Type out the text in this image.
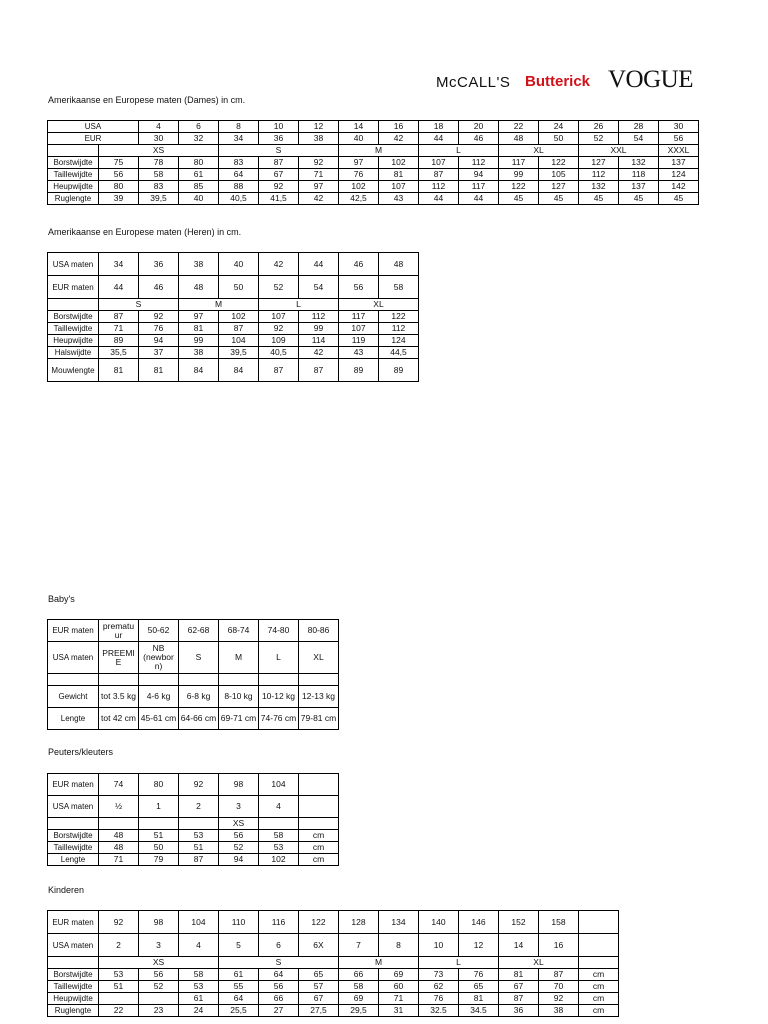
McCALL'S Butterick VOGUE
Amerikaanse en Europese maten (Dames) in cm.
USA		4	6	8	10	12	14	16	18	20	22	24	26	28	30	
EUR		30	32	34	36	38	40	42	44	46	48	50	52	54	56	
	XS			S			M		L		XL		XXL		XXXL	
Borstwijdte	75	78	80	83	87	92	97	102	107	112	117	122	127	132	137	
Taillewijdte	56	58	61	64	67	71	76	81	87	94	99	105	112	118	124	
Heupwijdte	80	83	85	88	92	97	102	107	112	117	122	127	132	137	142	
Ruglengte	39	39,5	40	40,5	41,5	42	42,5	43	44	44	45	45	45	45	45	
Amerikaanse en Europese maten (Heren) in cm.
USA maten	34	36	38	40	42	44	46	48
EUR maten	44	46	48	50	52	54	56	58
	S		M		L		XL	
Borstwijdte	87	92	97	102	107	112	117	122
Taillewijdte	71	76	81	87	92	99	107	112
Heupwijdte	89	94	99	104	109	114	119	124
Halswijdte	35,5	37	38	39,5	40,5	42	43	44,5
Mouwlengte	81	81	84	84	87	87	89	89
Baby's
EUR maten	prematu ur	50-62	62-68	68-74	74-80	80-86
USA maten	PREEMI E	NB (newbor n)	S	M	L	XL

Gewicht	tot 3.5 kg	4-6 kg	6-8 kg	8-10 kg	10-12 kg	12-13 kg
Lengte	tot 42 cm	45-61 cm	64-66 cm	69-71 cm	74-76 cm	79-81 cm
Peuters/kleuters
EUR maten	74	80	92	98	104	
USA maten	½	1	2	3	4	
				XS		
Borstwijdte	48	51	53	56	58	cm
Taillewijdte	48	50	51	52	53	cm
Lengte	71	79	87	94	102	cm
Kinderen
EUR maten	92	98	104	110	116	122	128	134	140	146	152	158	
USA maten	2	3	4	5	6	6X	7	8	10	12	14	16	
	XS			S			M		L		XL		
Borstwijdte	53	56	58	61	64	65	66	69	73	76	81	87	cm
Taillewijdte	51	52	53	55	56	57	58	60	62	65	67	70	cm
Heupwijdte			61	64	66	67	69	71	76	81	87	92	cm
Ruglengte	22	23	24	25,5	27	27,5	29,5	31	32.5	34.5	36	38	cm
